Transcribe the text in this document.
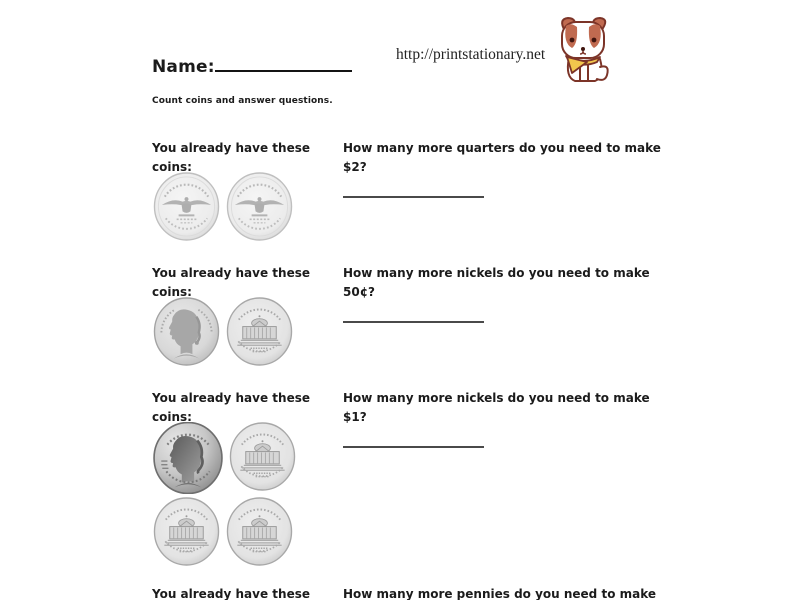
Name:
http://printstationary.net
Count coins and answer questions.
You already have these
coins:
How many more quarters do you need to make
$2?
You already have these
coins:
How many more nickels do you need to make
50¢?
You already have these
coins:
How many more nickels do you need to make
$1?
You already have these	How many more pennies do you need to make
